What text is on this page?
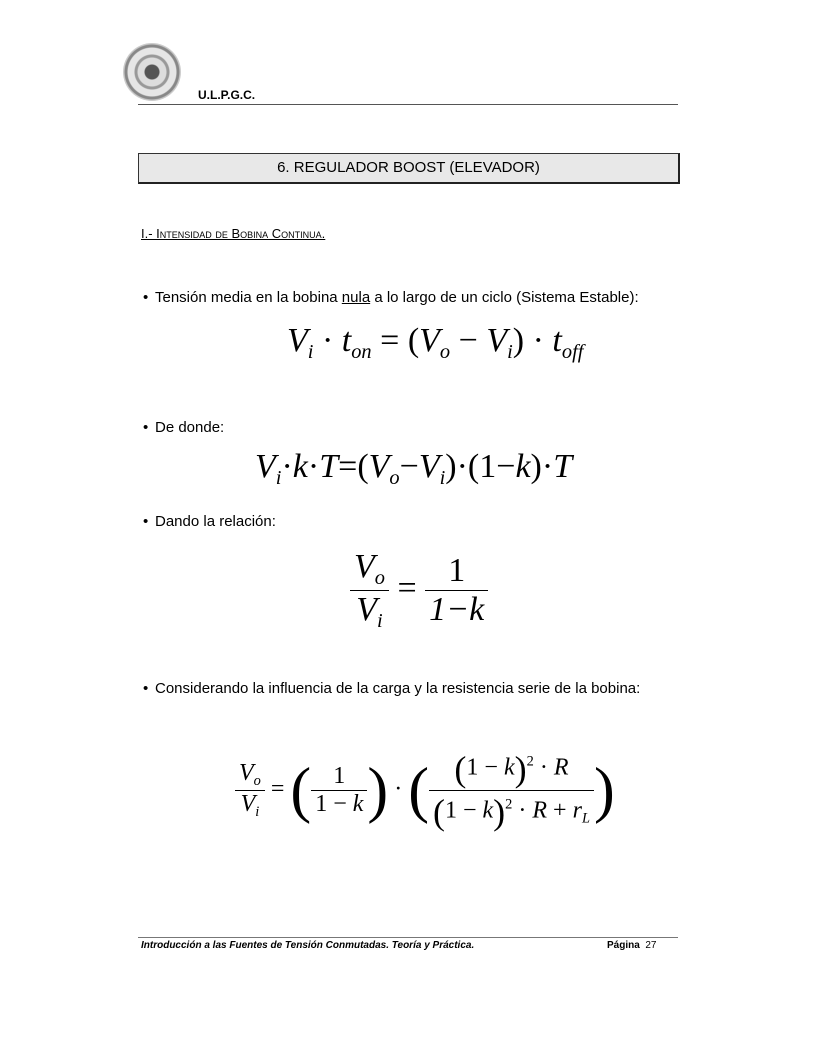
U.L.P.G.C.
6. REGULADOR BOOST (ELEVADOR)
I.- Intensidad de Bobina Continua.
• Tensión media en la bobina nula a lo largo de un ciclo (Sistema Estable):
$V_i \cdot t_{on} = (V_o - V_i) \cdot t_{off}$
• De donde:
$V_i\cdot k\cdot T=(V_o-V_i)\cdot(1-k)\cdot T$
• Dando la relación:
$\frac{V_o}{V_i} = \frac{1}{1-k}$
• Considerando la influencia de la carga y la resistencia serie de la bobina:
$\frac{V_o}{V_i}$ = ( $\frac{1}{1 - k}$ ) · ( $\frac{(1 - k)^2 \cdot R}{(1 - k)^2 \cdot R + r_L}$ )
Introducción a las Fuentes de Tensión Conmutadas. Teoría y Práctica.	Página 27
